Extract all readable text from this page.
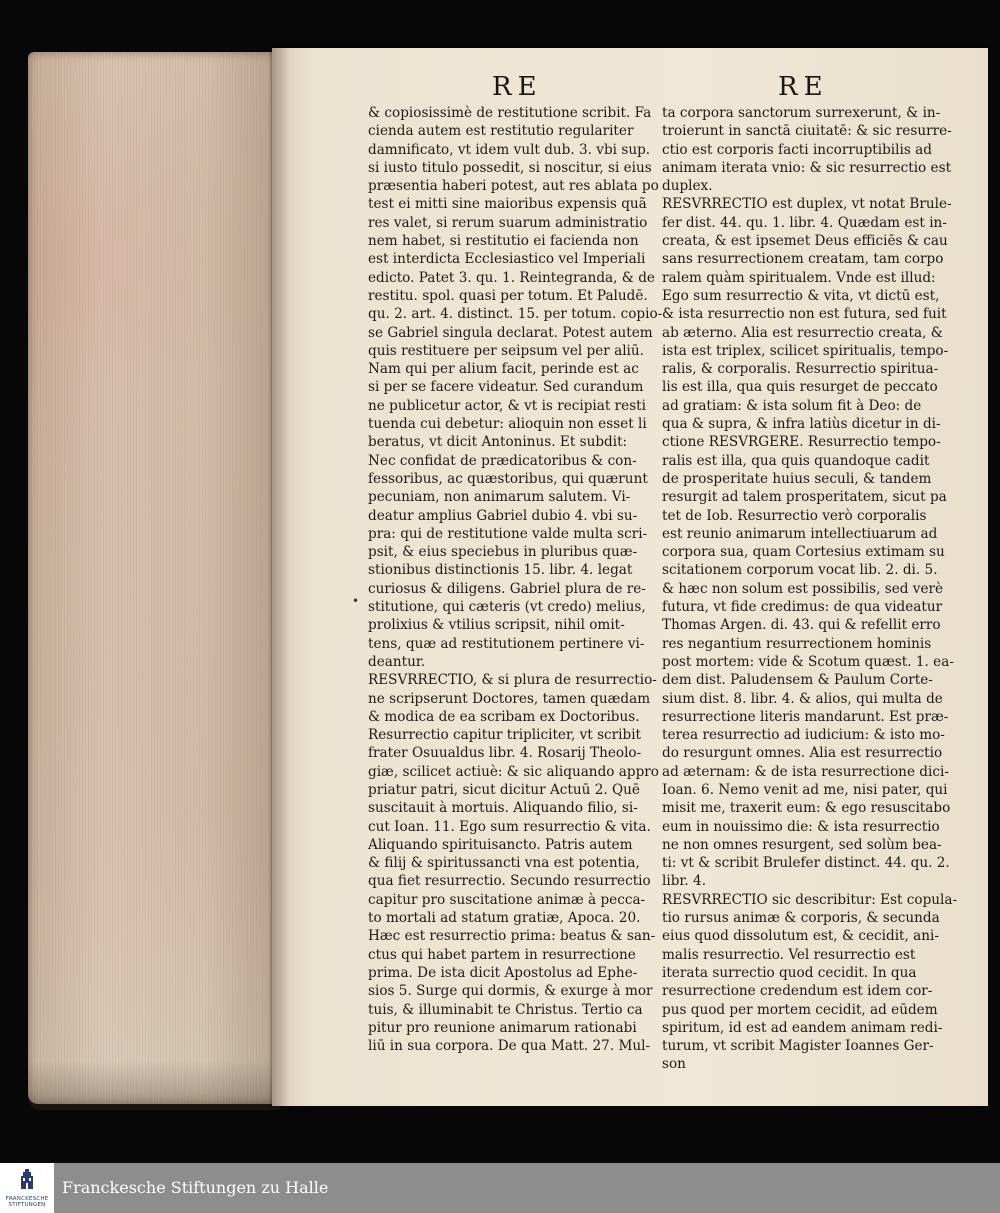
RE	RE
•
& copiosissimè de restitutione scribit. Fa
cienda autem est restitutio regulariter
damnificato, vt idem vult dub. 3. vbi sup.
si iusto titulo possedit, si noscitur, si eius
præsentia haberi potest, aut res ablata po
test ei mitti sine maioribus expensis quã
res valet, si rerum suarum administratio
nem habet, si restitutio ei facienda non
est interdicta Ecclesiastico vel Imperiali
edicto. Patet 3. qu. 1. Reintegranda, & de
restitu. spol. quasi per totum. Et Paludē.
qu. 2. art. 4. distinct. 15. per totum. copio-
se Gabriel singula declarat. Potest autem
quis restituere per seipsum vel per aliū.
Nam qui per alium facit, perinde est ac
si per se facere videatur. Sed curandum
ne publicetur actor, & vt is recipiat resti
tuenda cui debetur: alioquin non esset li
beratus, vt dicit Antoninus. Et subdit:
Nec confidat de prædicatoribus & con-
fessoribus, ac quæstoribus, qui quærunt
pecuniam, non animarum salutem. Vi-
deatur amplius Gabriel dubio 4. vbi su-
pra: qui de restitutione valde multa scri-
psit, & eius speciebus in pluribus quæ-
stionibus distinctionis 15. libr. 4. legat
curiosus & diligens. Gabriel plura de re-
stitutione, qui cæteris (vt credo) melius,
prolixius & vtilius scripsit, nihil omit-
tens, quæ ad restitutionem pertinere vi-
deantur.
RESVRRECTIO, & si plura de resurrectio-
ne scripserunt Doctores, tamen quædam
& modica de ea scribam ex Doctoribus.
Resurrectio capitur tripliciter, vt scribit
frater Osuualdus libr. 4. Rosarij Theolo-
giæ, scilicet actiuè: & sic aliquando appro
priatur patri, sicut dicitur Actuū 2. Quē
suscitauit à mortuis. Aliquando filio, si-
cut Ioan. 11. Ego sum resurrectio & vita.
Aliquando spirituisancto. Patris autem
& filij & spiritussancti vna est potentia,
qua fiet resurrectio. Secundo resurrectio
capitur pro suscitatione animæ à pecca-
to mortali ad statum gratiæ, Apoca. 20.
Hæc est resurrectio prima: beatus & san-
ctus qui habet partem in resurrectione
prima. De ista dicit Apostolus ad Ephe-
sios 5. Surge qui dormis, & exurge à mor
tuis, & illuminabit te Christus. Tertio ca
pitur pro reunione animarum rationabi
liū in sua corpora. De qua Matt. 27. Mul-
ta corpora sanctorum surrexerunt, & in-
troierunt in sanctā ciuitatē: & sic resurre-
ctio est corporis facti incorruptibilis ad
animam iterata vnio: & sic resurrectio est
duplex.
RESVRRECTIO est duplex, vt notat Brule-
fer dist. 44. qu. 1. libr. 4. Quædam est in-
creata, & est ipsemet Deus efficiēs & cau
sans resurrectionem creatam, tam corpo
ralem quàm spiritualem. Vnde est illud:
Ego sum resurrectio & vita, vt dictū est,
& ista resurrectio non est futura, sed fuit
ab æterno. Alia est resurrectio creata, &
ista est triplex, scilicet spiritualis, tempo-
ralis, & corporalis. Resurrectio spiritua-
lis est illa, qua quis resurget de peccato
ad gratiam: & ista solum fit à Deo: de
qua & supra, & infra latiùs dicetur in di-
ctione RESVRGERE. Resurrectio tempo-
ralis est illa, qua quis quandoque cadit
de prosperitate huius seculi, & tandem
resurgit ad talem prosperitatem, sicut pa
tet de Iob. Resurrectio verò corporalis
est reunio animarum intellectiuarum ad
corpora sua, quam Cortesius extimam su
scitationem corporum vocat lib. 2. di. 5.
& hæc non solum est possibilis, sed verè
futura, vt fide credimus: de qua videatur
Thomas Argen. di. 43. qui & refellit erro
res negantium resurrectionem hominis
post mortem: vide & Scotum quæst. 1. ea-
dem dist. Paludensem & Paulum Corte-
sium dist. 8. libr. 4. & alios, qui multa de
resurrectione literis mandarunt. Est præ-
terea resurrectio ad iudicium: & isto mo-
do resurgunt omnes. Alia est resurrectio
ad æternam: & de ista resurrectione dici-
Ioan. 6. Nemo venit ad me, nisi pater, qui
misit me, traxerit eum: & ego resuscitabo
eum in nouissimo die: & ista resurrectio
ne non omnes resurgent, sed solùm bea-
ti: vt & scribit Brulefer distinct. 44. qu. 2.
libr. 4.
RESVRRECTIO sic describitur: Est copula-
tio rursus animæ & corporis, & secunda
eius quod dissolutum est, & cecidit, ani-
malis resurrectio. Vel resurrectio est
iterata surrectio quod cecidit. In qua
resurrectione credendum est idem cor-
pus quod per mortem cecidit, ad eūdem
spiritum, id est ad eandem animam redi-
turum, vt scribit Magister Ioannes Ger-
son
FRANCKESCHE
STIFTUNGEN
Franckesche Stiftungen zu Halle
